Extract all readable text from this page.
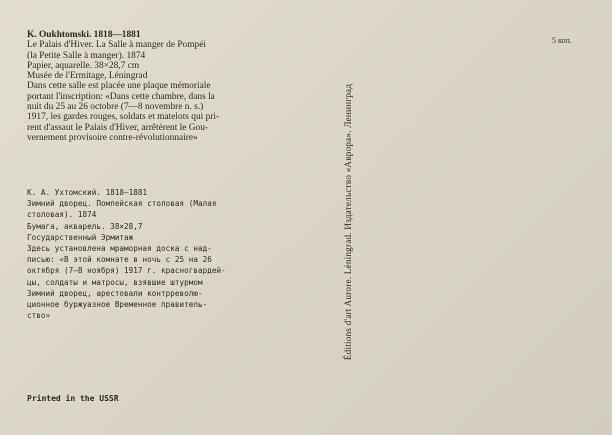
K. Oukhtomski. 1818—1881
Le Palais d'Hiver. La Salle à manger de Pompéi
(la Petite Salle à manger). 1874
Papier, aquarelle. 38×28,7 cm
Musée de l'Ermitage, Léningrad
Dans cette salle est placée une plaque mémoriale
portant l'inscription: «Dans cette chambre, dans la
nuit du 25 au 26 octobre (7—8 novembre n. s.)
1917, les gardes rouges, soldats et matelots qui pri-
rent d'assaut le Palais d'Hiver, arrêtèrent le Gou-
vernement provisoire contre-révolutionnaire»
К. А. Ухтомский. 1818—1881
Зимний дворец. Помпейская столовая (Малая
столовая). 1874
Бумага, акварель. 38×28,7
Государственный Эрмитаж
Здесь установлена мраморная доска с над-
писью: «В этой комнате в ночь с 25 на 26
октября (7—8 ноября) 1917 г. красногвардей-
цы, солдаты и матросы, взявшие штурмом
Зимний дворец, арестовали контрреволю-
ционное буржуазное Временное правитель-
ство»
Printed in the USSR
Éditions d'art Aurore. Léningrad. Издательство «Аврора». Ленинград
5 коп.
